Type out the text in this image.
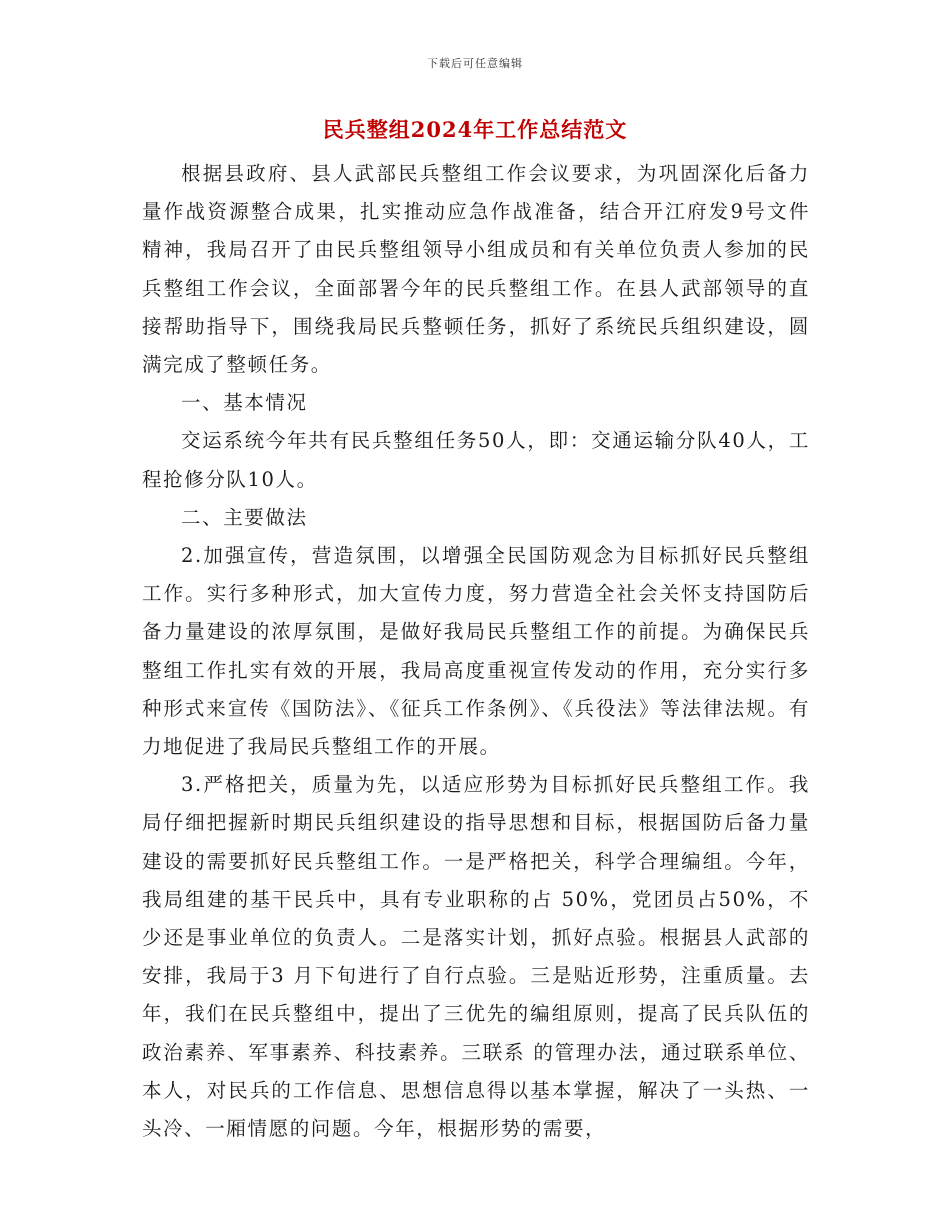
下载后可任意编辑
民兵整组2024年工作总结范文

根据县政府、县人武部民兵整组工作会议要求，为巩固深化后备力量作战资源整合成果，扎实推动应急作战准备，结合开江府发9号文件精神，我局召开了由民兵整组领导小组成员和有关单位负责人参加的民兵整组工作会议，全面部署今年的民兵整组工作。在县人武部领导的直接帮助指导下，围绕我局民兵整顿任务，抓好了系统民兵组织建设，圆满完成了整顿任务。

一、基本情况

交运系统今年共有民兵整组任务50人，即：交通运输分队40人，工程抢修分队10人。

二、主要做法

2.加强宣传，营造氛围，以增强全民国防观念为目标抓好民兵整组工作。实行多种形式，加大宣传力度，努力营造全社会关怀支持国防后备力量建设的浓厚氛围，是做好我局民兵整组工作的前提。为确保民兵整组工作扎实有效的开展，我局高度重视宣传发动的作用，充分实行多种形式来宣传《国防法》、《征兵工作条例》、《兵役法》等法律法规。有力地促进了我局民兵整组工作的开展。

3.严格把关，质量为先，以适应形势为目标抓好民兵整组工作。我局仔细把握新时期民兵组织建设的指导思想和目标，根据国防后备力量建设的需要抓好民兵整组工作。一是严格把关，科学合理编组。今年，我局组建的基干民兵中，具有专业职称的占 50%，党团员占50%，不少还是事业单位的负责人。二是落实计划，抓好点验。根据县人武部的安排，我局于3 月下旬进行了自行点验。三是贴近形势，注重质量。去年，我们在民兵整组中，提出了三优先的编组原则，提高了民兵队伍的政治素养、军事素养、科技素养。三联系 的管理办法，通过联系单位、本人，对民兵的工作信息、思想信息得以基本掌握，解决了一头热、一头冷、一厢情愿的问题。今年，根据形势的需要，
